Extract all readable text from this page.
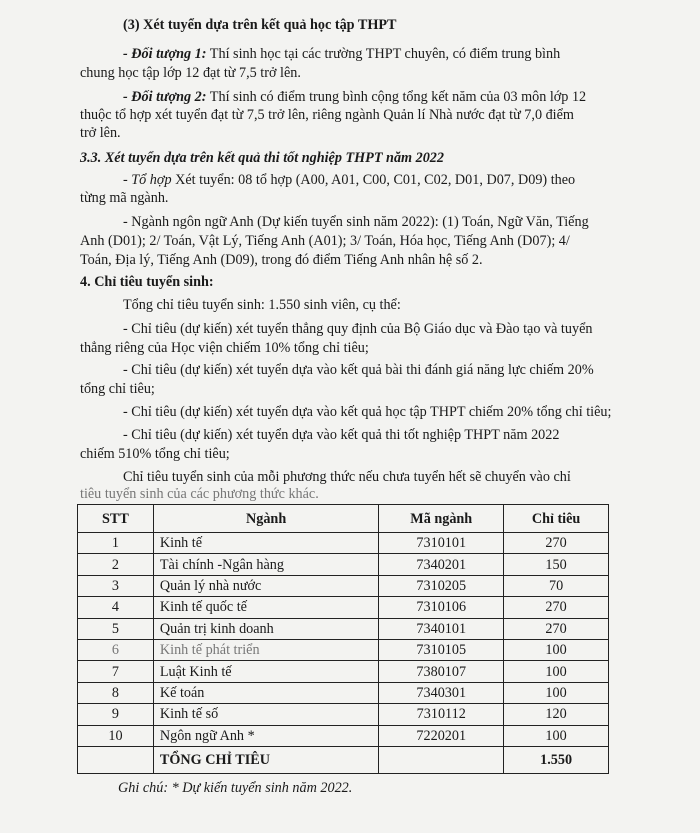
(3) Xét tuyển dựa trên kết quả học tập THPT

- Đối tượng 1: Thí sinh học tại các trường THPT chuyên, có điểm trung bình

chung học tập lớp 12 đạt từ 7,5 trở lên.

- Đối tượng 2: Thí sinh có điểm trung bình cộng tổng kết năm của 03 môn lớp 12

thuộc tổ hợp xét tuyển đạt từ 7,5 trở lên, riêng ngành Quản lí Nhà nước đạt từ 7,0 điểm

trở lên.

3.3. Xét tuyển dựa trên kết quả thi tốt nghiệp THPT năm 2022

- Tổ hợp Xét tuyển: 08 tổ hợp (A00, A01, C00, C01, C02, D01, D07, D09) theo

từng mã ngành.

- Ngành ngôn ngữ Anh (Dự kiến tuyển sinh năm 2022): (1) Toán, Ngữ Văn, Tiếng

Anh (D01); 2/ Toán, Vật Lý, Tiếng Anh (A01); 3/ Toán, Hóa học, Tiếng Anh (D07); 4/

Toán, Địa lý, Tiếng Anh (D09), trong đó điểm Tiếng Anh nhân hệ số 2.

4. Chỉ tiêu tuyển sinh:

Tổng chỉ tiêu tuyển sinh: 1.550 sinh viên, cụ thể:

- Chỉ tiêu (dự kiến) xét tuyển thẳng quy định của Bộ Giáo dục và Đào tạo và tuyển

thẳng riêng của Học viện chiếm 10% tổng chỉ tiêu;

- Chỉ tiêu (dự kiến) xét tuyển dựa vào kết quả bài thi đánh giá năng lực chiếm 20%

tổng chỉ tiêu;

- Chỉ tiêu (dự kiến) xét tuyển dựa vào kết quả học tập THPT chiếm 20% tổng chỉ tiêu;

- Chỉ tiêu (dự kiến) xét tuyển dựa vào kết quả thi tốt nghiệp THPT năm 2022

chiếm 510% tổng chỉ tiêu;

Chỉ tiêu tuyển sinh của mỗi phương thức nếu chưa tuyển hết sẽ chuyển vào chỉ

tiêu tuyển sinh của các phương thức khác.

STT	Ngành	Mã ngành	Chỉ tiêu
1	Kinh tế	7310101	270
2	Tài chính -Ngân hàng	7340201	150
3	Quản lý nhà nước	7310205	70
4	Kinh tế quốc tế	7310106	270
5	Quản trị kinh doanh	7340101	270
6	Kinh tế phát triển	7310105	100
7	Luật Kinh tế	7380107	100
8	Kế toán	7340301	100
9	Kinh tế số	7310112	120
10	Ngôn ngữ Anh *	7220201	100
	TỔNG CHỈ TIÊU		1.550

Ghi chú: * Dự kiến tuyển sinh năm 2022.
